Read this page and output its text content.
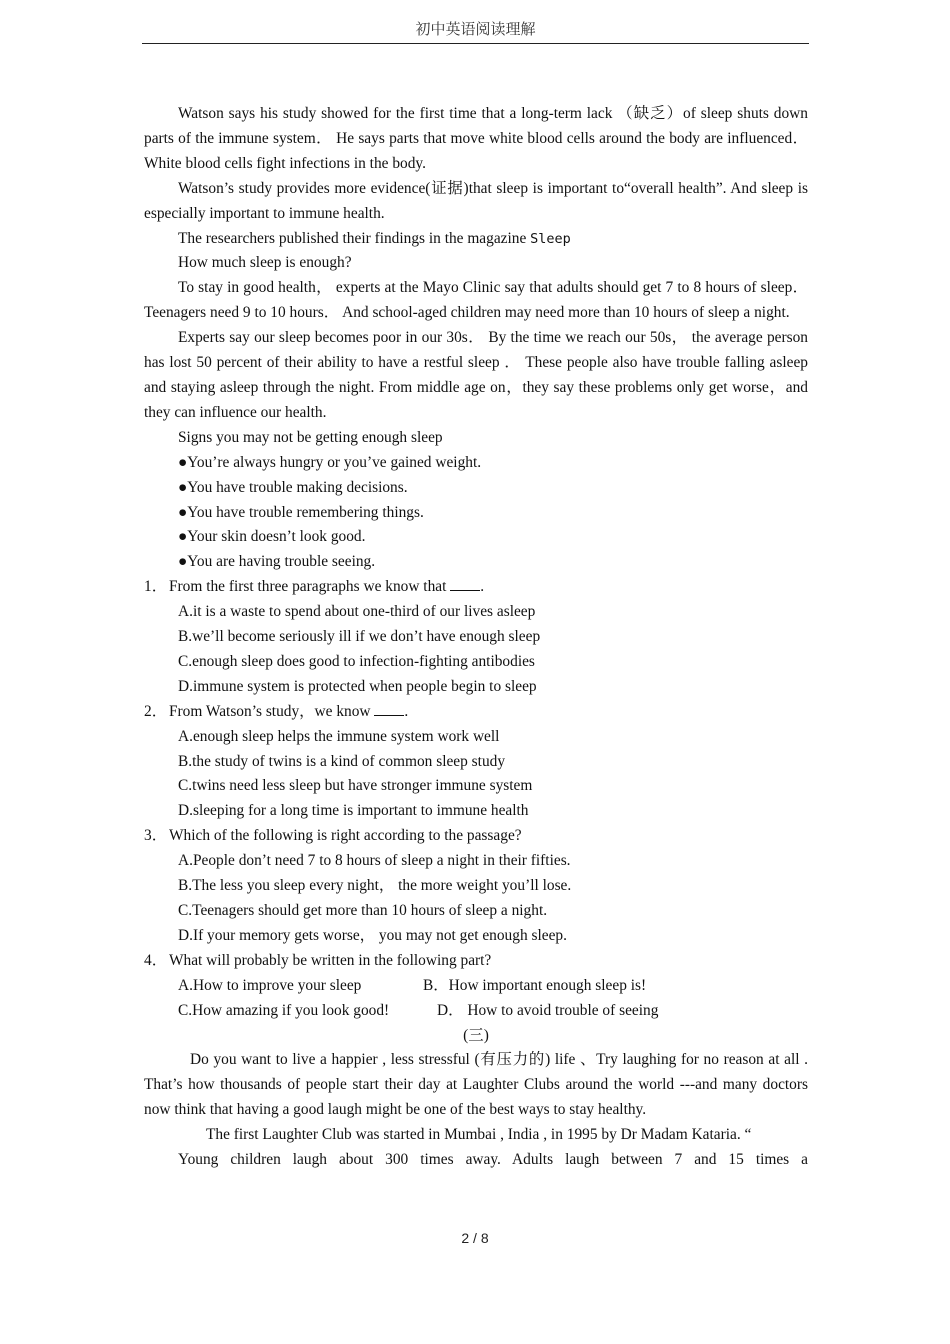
初中英语阅读理解

Watson says his study showed for the first time that a long-term lack （缺乏）of sleep shuts down parts of the immune system． He says parts that move white blood cells around the body are influenced． White blood cells fight infections in the body.

Watson’s study provides more evidence(证据)that sleep is important to“overall health”. And sleep is especially important to immune health.

The researchers published their findings in the magazine Sleep

How much sleep is enough?

To stay in good health， experts at the Mayo Clinic say that adults should get 7 to 8 hours of sleep． Teenagers need 9 to 10 hours． And school-aged children may need more than 10 hours of sleep a night.

Experts say our sleep becomes poor in our 30s． By the time we reach our 50s， the average person has lost 50 percent of their ability to have a restful sleep ． These people also have trouble falling asleep and staying asleep through the night. From middle age on，they say these problems only get worse，and they can influence our health.

Signs you may not be getting enough sleep

●You’re always hungry or you’ve gained weight.

●You have trouble making decisions.

●You have trouble remembering things.

●Your skin doesn’t look good.

●You are having trouble seeing.

1． From the first three paragraphs we know that .

A.it is a waste to spend about one-third of our lives asleep

B.we’ll become seriously ill if we don’t have enough sleep

C.enough sleep does good to infection-fighting antibodies

D.immune system is protected when people begin to sleep

2． From Watson’s study，we know .

A.enough sleep helps the immune system work well

B.the study of twins is a kind of common sleep study

C.twins need less sleep but have stronger immune system

D.sleeping for a long time is important to immune health

3． Which of the following is right according to the passage?

A.People don’t need 7 to 8 hours of sleep a night in their fifties.

B.The less you sleep every night， the more weight you’ll lose.

C.Teenagers should get more than 10 hours of sleep a night.

D.If your memory gets worse， you may not get enough sleep.

4． What will probably be written in the following part?

A.How to improve your sleep	B．How important enough sleep is!

C.How amazing if you look good!	D． How to avoid trouble of seeing

(三)

Do you want to live a happier , less stressful (有压力的) life 、Try laughing for no reason at all . That’s how thousands of people start their day at Laughter Clubs around the world ---and many doctors now think that having a good laugh might be one of the best ways to stay healthy.

The first Laughter Club was started in Mumbai , India , in 1995 by Dr Madam Kataria. “

Young children laugh about 300 times away. Adults laugh between 7 and 15 times a

2 / 8
